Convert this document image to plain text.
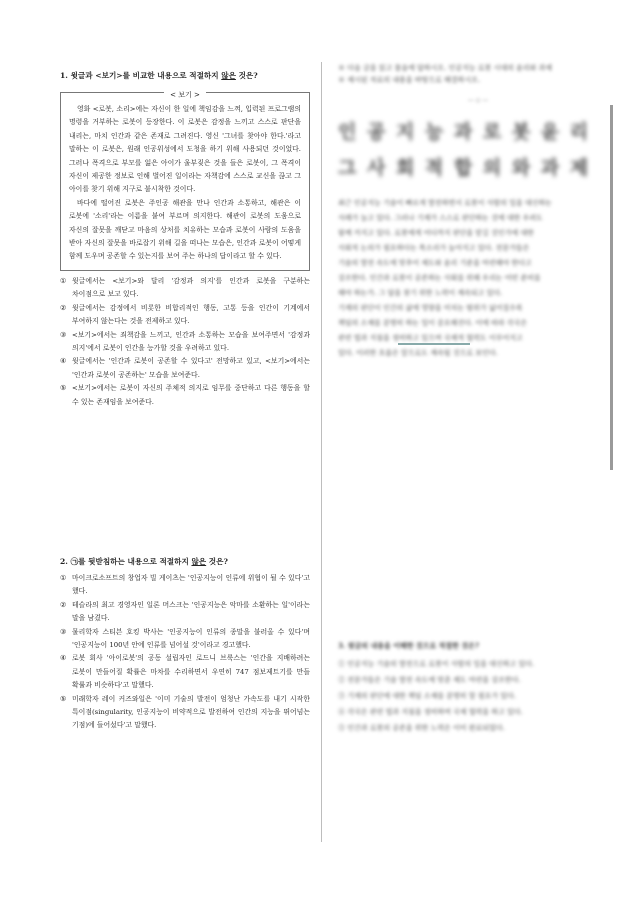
1. 윗글과 <보기>를 비교한 내용으로 적절하지 않은 것은?

< 보기 >

영화 <로봇, 소리>에는 자신이 한 일에 책임감을 느껴, 입력된 프로그램의 명령을 거부하는 로봇이 등장한다. 이 로봇은 감정을 느끼고 스스로 판단을 내리는, 마치 인간과 같은 존재로 그려진다. 영신 '그녀를 찾아야 한다.'라고 말하는 이 로봇은, 원래 인공위성에서 도청을 하기 위해 사용되던 것이었다. 그러나 폭격으로 부모를 잃은 아이가 울부짖은 것을 들은 로봇이, 그 폭격이 자신이 제공한 정보로 인해 벌어진 일이라는 자책감에 스스로 교신을 끊고 그 아이를 찾기 위해 지구로 불시착한 것이다.

바다에 떨어진 로봇은 주인공 해관을 만나 인간과 소통하고, 해관은 이 로봇에 '소리'라는 이름을 붙여 부르며 의지한다. 해관이 로봇의 도움으로 자신의 잘못을 깨닫고 마음의 상처를 치유하는 모습과 로봇이 사람의 도움을 받아 자신의 잘못을 바로잡기 위해 길을 떠나는 모습은, 인간과 로봇이 어떻게 함께 도우며 공존할 수 있는지를 보여 주는 하나의 답이라고 할 수 있다.

① 윗글에서는 <보기>와 달리 '감정과 의지'를 인간과 로봇을 구분하는 차이점으로 보고 있다.
② 윗글에서는 감정에서 비롯한 비합리적인 행동, 고통 등을 인간이 기계에서 부여하지 않는다는 것을 전제하고 있다.
③ <보기>에서는 죄책감을 느끼고, 인간과 소통하는 모습을 보여주면서 '감정과 의지'에서 로봇이 인간을 능가할 것을 우려하고 있다.
④ 윗글에서는 '인간과 로봇이 공존할 수 있다고' 전망하고 있고, <보기>에서는 '인간과 로봇이 공존하는' 모습을 보여준다.
⑤ <보기>에서는 로봇이 자신의 주체적 의지로 임무를 중단하고 다른 행동을 할 수 있는 존재임을 보여준다.

2. ㉠를 뒷받침하는 내용으로 적절하지 않은 것은?

① 마이크로소프트의 창업자 빌 게이츠는 '인공지능이 인류에 위협이 될 수 있다'고 했다.
② 테슬라의 최고 경영자인 일론 머스크는 '인공지능은 악마를 소환하는 일'이라는 말을 남겼다.
③ 물리학자 스티븐 호킹 박사는 '인공지능이 인류의 종말을 불러올 수 있다'며 '인공지능이 100년 안에 인류를 넘어설 것'이라고 경고했다.
④ 로봇 회사 '아이로봇'의 공동 설립자인 로드니 브룩스는 '인간을 지배하려는 로봇이 만들어질 확률은 마차를 수리하면서 우연히 747 점보제트기를 만들 확률과 비슷하다'고 말했다.
⑤ 미래학자 레이 커즈와일은 '이미 기술의 발전이 엄청난 가속도를 내기 시작한 특이점(singularity, 인공지능이 비약적으로 발전하여 인간의 지능을 뛰어넘는 기점)에 들어섰다'고 말했다.
※ 다음 글을 읽고 물음에 답하시오. 인공지능 로봇 시대의 윤리와 과제
※ 제시된 자료의 내용을 바탕으로 해결하시오.
— ◇ —
인 공 지 능 과 로 봇 윤 리
그 사 회 적 합 의 와 과 제
최근 인공지능 기술이 빠르게 발전하면서 로봇이 사람의 일을 대신하는
사례가 늘고 있다. 그러나 기계가 스스로 판단하는 것에 대한 우려도
함께 커지고 있다. 로봇에게 어디까지 판단을 맡길 것인가에 대한
사회적 논의가 필요하다는 목소리가 높아지고 있다. 전문가들은
기술의 발전 속도에 맞추어 제도와 윤리 기준을 마련해야 한다고
강조한다. 인간과 로봇이 공존하는 사회를 위해 우리는 어떤 준비를
해야 하는가. 그 답을 찾기 위한 노력이 계속되고 있다.
기계의 판단이 인간의 삶에 영향을 미치는 범위가 넓어질수록
책임의 소재를 분명히 하는 일이 중요해진다. 이에 따라 각국은
관련 법과 지침을 정비하고 있으며 국제적 협력도 이루어지고
있다. 이러한 흐름은 앞으로도 계속될 것으로 보인다.
3. 윗글의 내용을 이해한 것으로 적절한 것은?
① 인공지능 기술의 발전으로 로봇이 사람의 일을 대신하고 있다.
② 전문가들은 기술 발전 속도에 맞춘 제도 마련을 강조한다.
③ 기계의 판단에 대한 책임 소재를 분명히 할 필요가 있다.
④ 각국은 관련 법과 지침을 정비하며 국제 협력을 하고 있다.
⑤ 인간과 로봇의 공존을 위한 노력은 이미 완료되었다.
